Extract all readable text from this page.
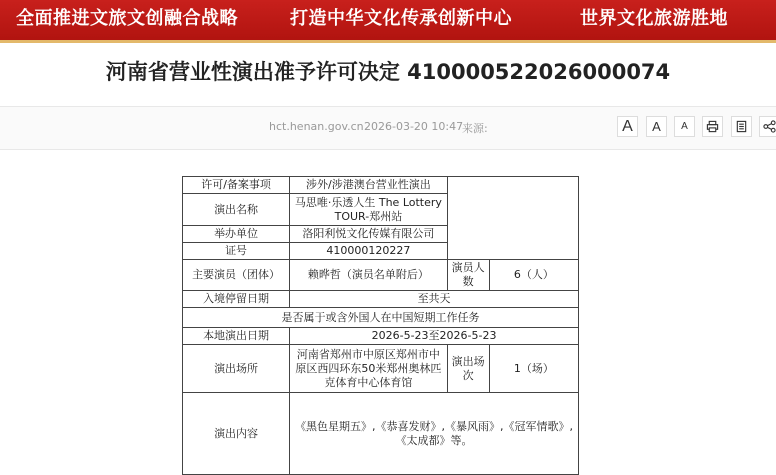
全面推进文旅文创融合战略	打造中华文化传承创新中心	世界文化旅游胜地
河南省营业性演出准予许可决定 410000522026000074
hct.henan.gov.cn 2026-03-20 10:47
来源:	A	A	A
许可/备案事项	涉外/涉港澳台营业性演出		
演出名称	马思唯·乐透人生 The Lottery TOUR-郑州站		
举办单位	洛阳利悦文化传媒有限公司		
证号	410000120227		
主要演员（团体）	赖晔哲（演员名单附后）	演员人数	6（人）
入境停留日期	至共天		
是否属于或含外国人在中国短期工作任务			
本地演出日期	2026-5-23至2026-5-23		
演出场所	河南省郑州市中原区郑州市中原区西四环东50米郑州奥林匹克体育中心体育馆	演出场次	1（场）
演出内容	《黑色星期五》,《恭喜发财》,《暴风雨》,《冠军情歌》,《太成都》等。		
